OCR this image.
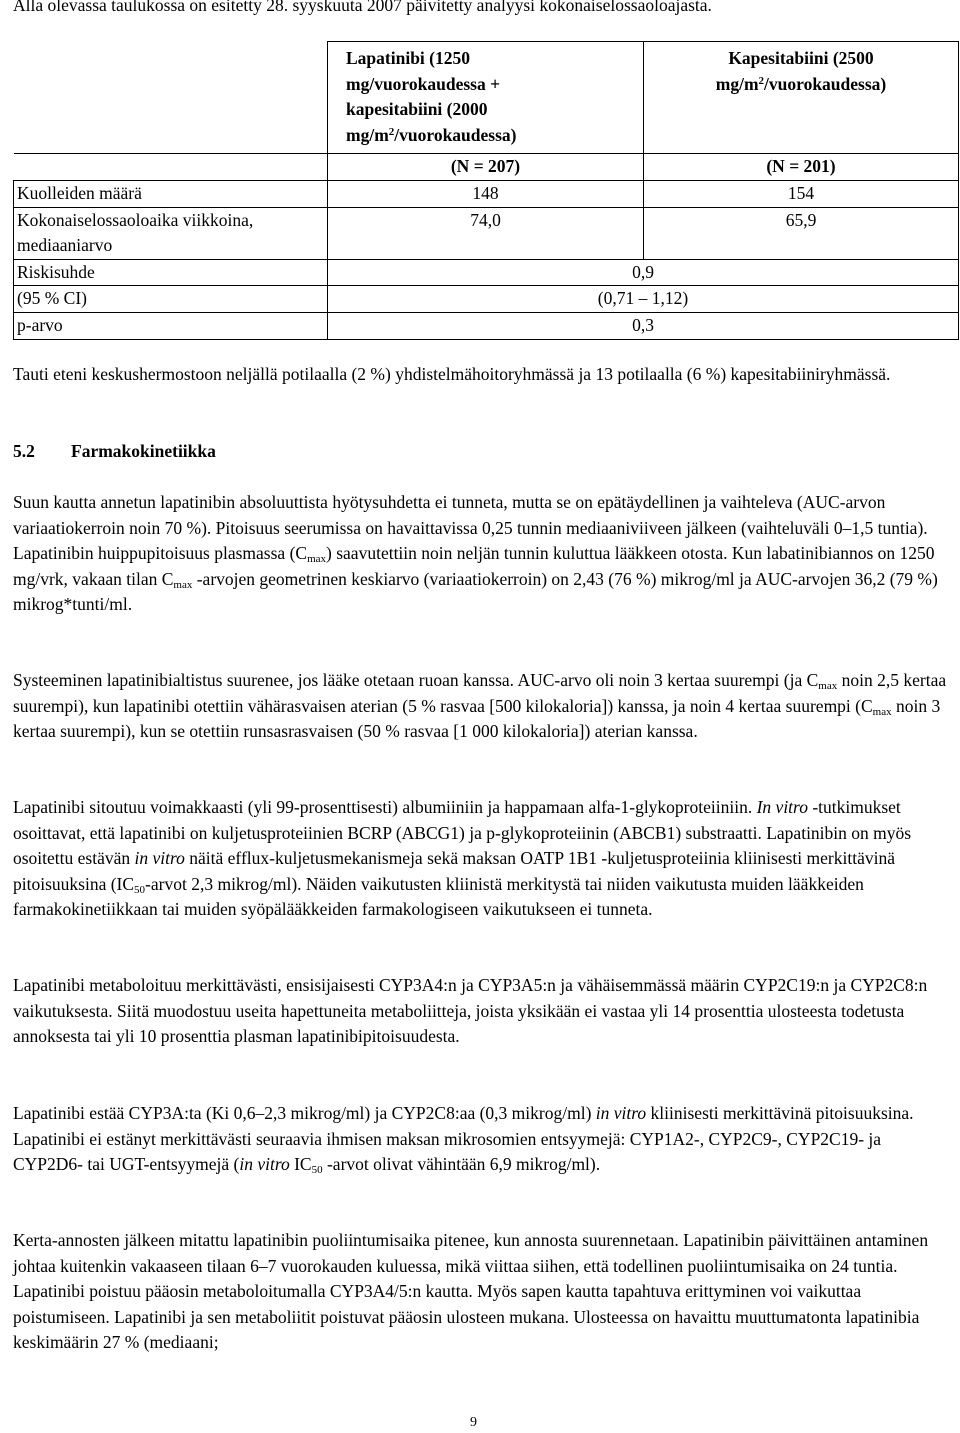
Alla olevassa taulukossa on esitetty 28. syyskuuta 2007 päivitetty analyysi kokonaiselossaoloajasta.
	Lapatinibi (1250 mg/vuorokaudessa + kapesitabiini (2000 $mg/m^2/vuorokaudessa$)	Kapesitabiini (2500 $mg/m^2/vuorokaudessa$)
	(N = 207)	(N = 201)
Kuolleiden määrä	148	154
Kokonaiselossaoloaika viikkoina, mediaaniarvo	74,0	65,9
Riskisuhde	0,9	
(95 % CI)	(0,71 – 1,12)	
p-arvo	0,3	
Tauti eteni keskushermostoon neljällä potilaalla (2 %) yhdistelmähoitoryhmässä ja 13 potilaalla (6 %) kapesitabiiniryhmässä.
5.2 Farmakokinetiikka
Suun kautta annetun lapatinibin absoluuttista hyötysuhdetta ei tunneta, mutta se on epätäydellinen ja vaihteleva (AUC-arvon variaatiokerroin noin 70 %). Pitoisuus seerumissa on havaittavissa 0,25 tunnin mediaaniviiveen jälkeen (vaihteluväli 0–1,5 tuntia). Lapatinibin huippupitoisuus plasmassa $(C_{max})$ saavutettiin noin neljän tunnin kuluttua lääkkeen otosta. Kun labatinibiannos on 1250 mg/vrk, vakaan tilan $C_{max}$ -arvojen geometrinen keskiarvo (variaatiokerroin) on 2,43 (76 %) mikrog/ml ja AUC-arvojen 36,2 (79 %) mikrog*tunti/ml.
Systeeminen lapatinibialtistus suurenee, jos lääke otetaan ruoan kanssa. AUC-arvo oli noin 3 kertaa suurempi (ja $C_{max}$ noin 2,5 kertaa suurempi), kun lapatinibi otettiin vähärasvaisen aterian (5 % rasvaa [500 kilokaloria]) kanssa, ja noin 4 kertaa suurempi ($C_{max}$ noin 3 kertaa suurempi), kun se otettiin runsasrasvaisen (50 % rasvaa [1 000 kilokaloria]) aterian kanssa.
Lapatinibi sitoutuu voimakkaasti (yli 99-prosenttisesti) albumiiniin ja happamaan alfa-1-glykoproteiiniin. In vitro -tutkimukset osoittavat, että lapatinibi on kuljetusproteiinien BCRP (ABCG1) ja p-glykoproteiinin (ABCB1) substraatti. Lapatinibin on myös osoitettu estävän in vitro näitä efflux-kuljetusmekanismeja sekä maksan OATP 1B1 -kuljetusproteiinia kliinisesti merkittävinä pitoisuuksina ($IC_{50}$-arvot 2,3 mikrog/ml). Näiden vaikutusten kliinistä merkitystä tai niiden vaikutusta muiden lääkkeiden farmakokinetiikkaan tai muiden syöpälääkkeiden farmakologiseen vaikutukseen ei tunneta.
Lapatinibi metaboloituu merkittävästi, ensisijaisesti CYP3A4:n ja CYP3A5:n ja vähäisemmässä määrin CYP2C19:n ja CYP2C8:n vaikutuksesta. Siitä muodostuu useita hapettuneita metaboliitteja, joista yksikään ei vastaa yli 14 prosenttia ulosteesta todetusta annoksesta tai yli 10 prosenttia plasman lapatinibipitoisuudesta.
Lapatinibi estää CYP3A:ta (Ki 0,6–2,3 mikrog/ml) ja CYP2C8:aa (0,3 mikrog/ml) in vitro kliinisesti merkittävinä pitoisuuksina. Lapatinibi ei estänyt merkittävästi seuraavia ihmisen maksan mikrosomien entsyymejä: CYP1A2-, CYP2C9-, CYP2C19- ja CYP2D6- tai UGT-entsyymejä (in vitro $IC_{50}$ -arvot olivat vähintään 6,9 mikrog/ml).
Kerta-annosten jälkeen mitattu lapatinibin puoliintumisaika pitenee, kun annosta suurennetaan. Lapatinibin päivittäinen antaminen johtaa kuitenkin vakaaseen tilaan 6–7 vuorokauden kuluessa, mikä viittaa siihen, että todellinen puoliintumisaika on 24 tuntia. Lapatinibi poistuu pääosin metaboloitumalla CYP3A4/5:n kautta. Myös sapen kautta tapahtuva erittyminen voi vaikuttaa poistumiseen. Lapatinibi ja sen metaboliitit poistuvat pääosin ulosteen mukana. Ulosteessa on havaittu muuttumatonta lapatinibia keskimäärin 27 % (mediaani;
9
